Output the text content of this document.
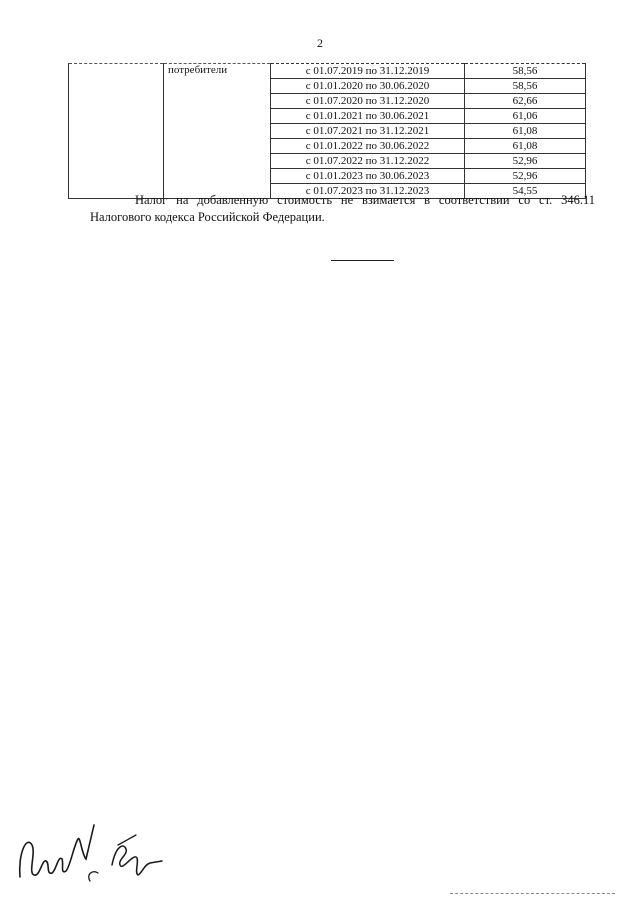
2
	потребители	с 01.07.2019 по 31.12.2019	58,56
		с 01.01.2020 по 30.06.2020	58,56
		с 01.07.2020 по 31.12.2020	62,66
		с 01.01.2021 по 30.06.2021	61,06
		с 01.07.2021 по 31.12.2021	61,08
		с 01.01.2022 по 30.06.2022	61,08
		с 01.07.2022 по 31.12.2022	52,96
		с 01.01.2023 по 30.06.2023	52,96
		с 01.07.2023 по 31.12.2023	54,55
Налог на добавленную стоимость не взимается в соответствии со ст. 346.11 Налогового кодекса Российской Федерации.
